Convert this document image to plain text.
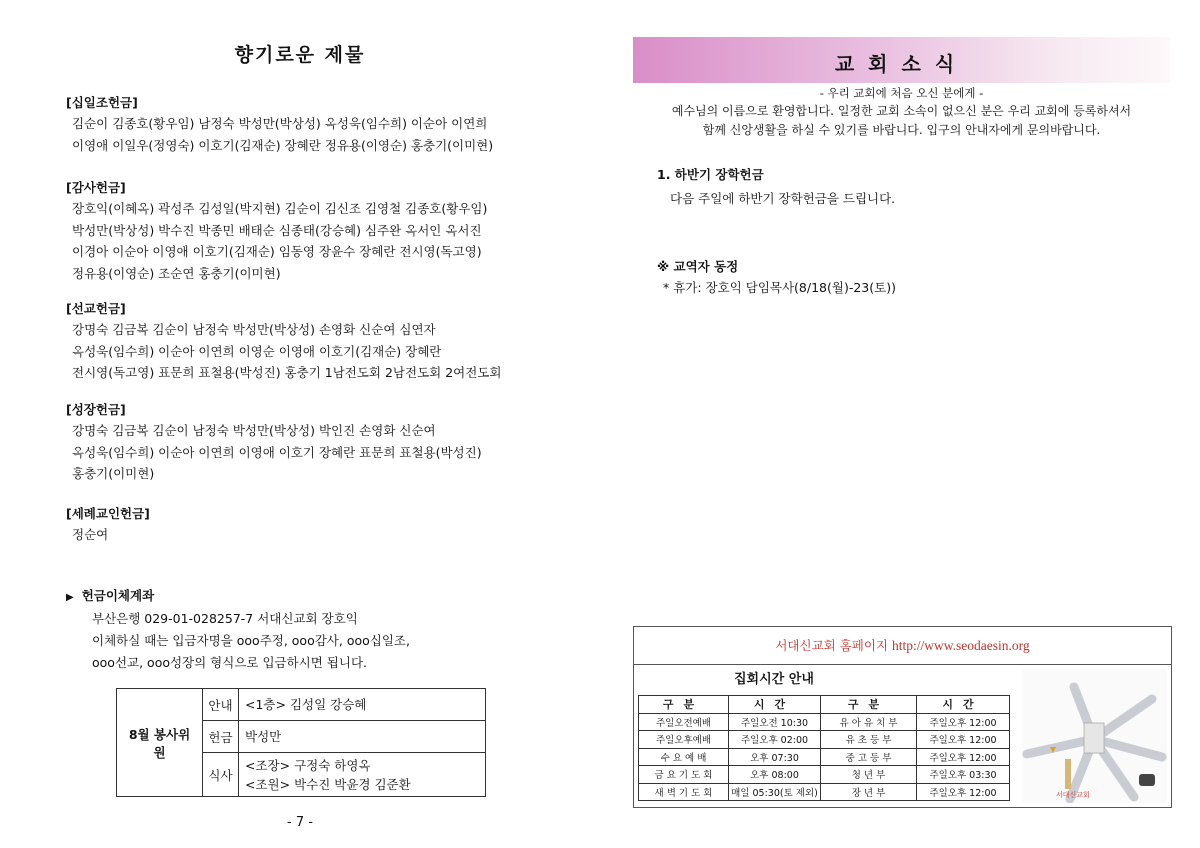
향기로운 제물
[십일조헌금]
김순이 김종호(황우임) 남정숙 박성만(박상성) 옥성욱(임수희) 이순아 이연희
이영애 이일우(정영숙) 이호기(김재순) 장혜란 정유용(이영순) 홍충기(이미현)
[감사헌금]
장호익(이혜옥) 곽성주 김성일(박지현) 김순이 김신조 김영철 김종호(황우임)
박성만(박상성) 박수진 박종민 배태순 심종태(강승혜) 심주완 옥서인 옥서진
이경아 이순아 이영애 이호기(김재순) 임동영 장윤수 장혜란 전시영(독고영)
정유용(이영순) 조순연 홍충기(이미현)
[선교헌금]
강명숙 김금복 김순이 남정숙 박성만(박상성) 손영화 신순여 심연자
옥성욱(임수희) 이순아 이연희 이영순 이영애 이호기(김재순) 장혜란
전시영(독고영) 표문희 표철용(박성진) 홍충기 1남전도회 2남전도회 2여전도회
[성장헌금]
강명숙 김금복 김순이 남정숙 박성만(박상성) 박인진 손영화 신순여
옥성욱(임수희) 이순아 이연희 이영애 이호기 장혜란 표문희 표철용(박성진)
홍충기(이미현)
[세례교인헌금]
정순여
▶ 헌금이체계좌
부산은행 029-01-028257-7 서대신교회 장호익
이체하실 때는 입금자명을 ooo주정, ooo감사, ooo십일조,
ooo선교, ooo성장의 형식으로 입금하시면 됩니다.
8월 봉사위원	안내	<1층> 김성일 강승혜
	헌금	박성만
	식사	<조장> 구정숙 하영옥
<조원> 박수진 박윤경 김준환
- 7 -
교회소식
- 우리 교회에 처음 오신 분에게 -
예수님의 이름으로 환영합니다. 일정한 교회 소속이 없으신 분은 우리 교회에 등록하셔서
함께 신앙생활을 하실 수 있기를 바랍니다. 입구의 안내자에게 문의바랍니다.
1. 하반기 장학헌금
다음 주일에 하반기 장학헌금을 드립니다.
※ 교역자 동정
* 휴가: 장호익 담임목사(8/18(월)-23(토))
서대신교회 홈페이지 http://www.seodaesin.org
집회시간 안내
구분	시간	구분	시간
주일오전예배	주일오전 10:30	유 아 유 치 부	주일오후 12:00
주일오후예배	주일오후 02:00	유 초 등 부	주일오후 12:00
수 요 예 배	오후 07:30	중 고 등 부	주일오후 12:00
금 요 기 도 회	오후 08:00	청 년 부	주일오후 03:30
새 벽 기 도 회	매일 05:30(토 제외)	장 년 부	주일오후 12:00	서대신교회
